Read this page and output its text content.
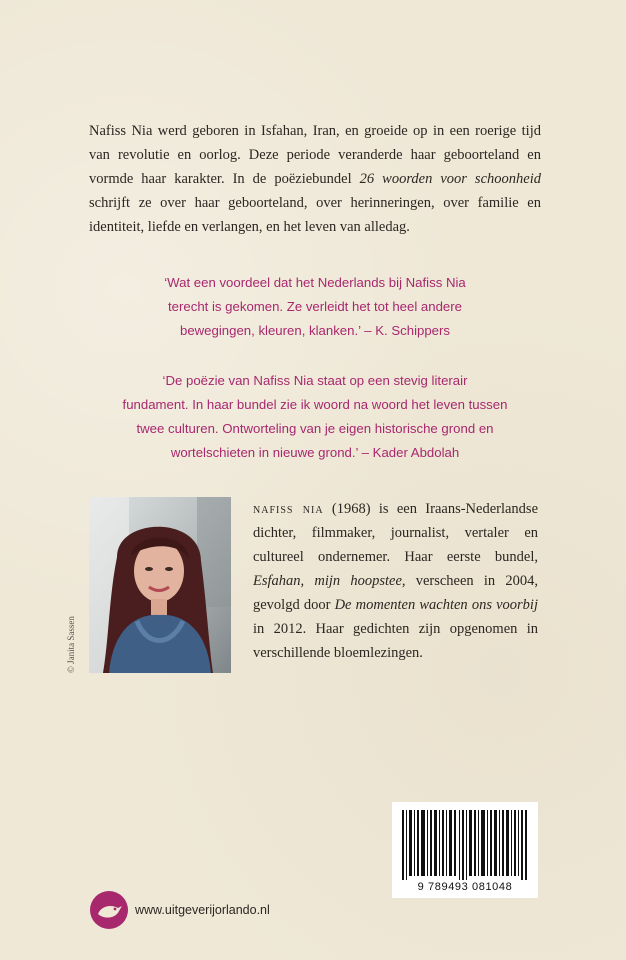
Nafiss Nia werd geboren in Isfahan, Iran, en groeide op in een roerige tijd van revolutie en oorlog. Deze periode veranderde haar geboorteland en vormde haar karakter. In de poëziebundel 26 woorden voor schoonheid schrijft ze over haar geboorteland, over herinneringen, over familie en identiteit, liefde en verlangen, en het leven van alledag.

‘Wat een voordeel dat het Nederlands bij Nafiss Nia
terecht is gekomen. Ze verleidt het tot heel andere
bewegingen, kleuren, klanken.’ – K. Schippers
‘De poëzie van Nafiss Nia staat op een stevig literair
fundament. In haar bundel zie ik woord na woord het leven tussen
twee culturen. Ontworteling van je eigen historische grond en
wortelschieten in nieuwe grond.’ – Kader Abdolah
© Janita Sassen

nafiss nia (1968) is een Iraans-Nederlandse dichter, filmmaker, journalist, vertaler en cultureel ondernemer. Haar eerste bundel, Esfahan, mijn hoopstee, verscheen in 2004, gevolgd door De momenten wachten ons voorbij in 2012. Haar gedichten zijn opgenomen in verschillende bloemlezingen.

9 789493 081048
www.uitgeverijorlando.nl
